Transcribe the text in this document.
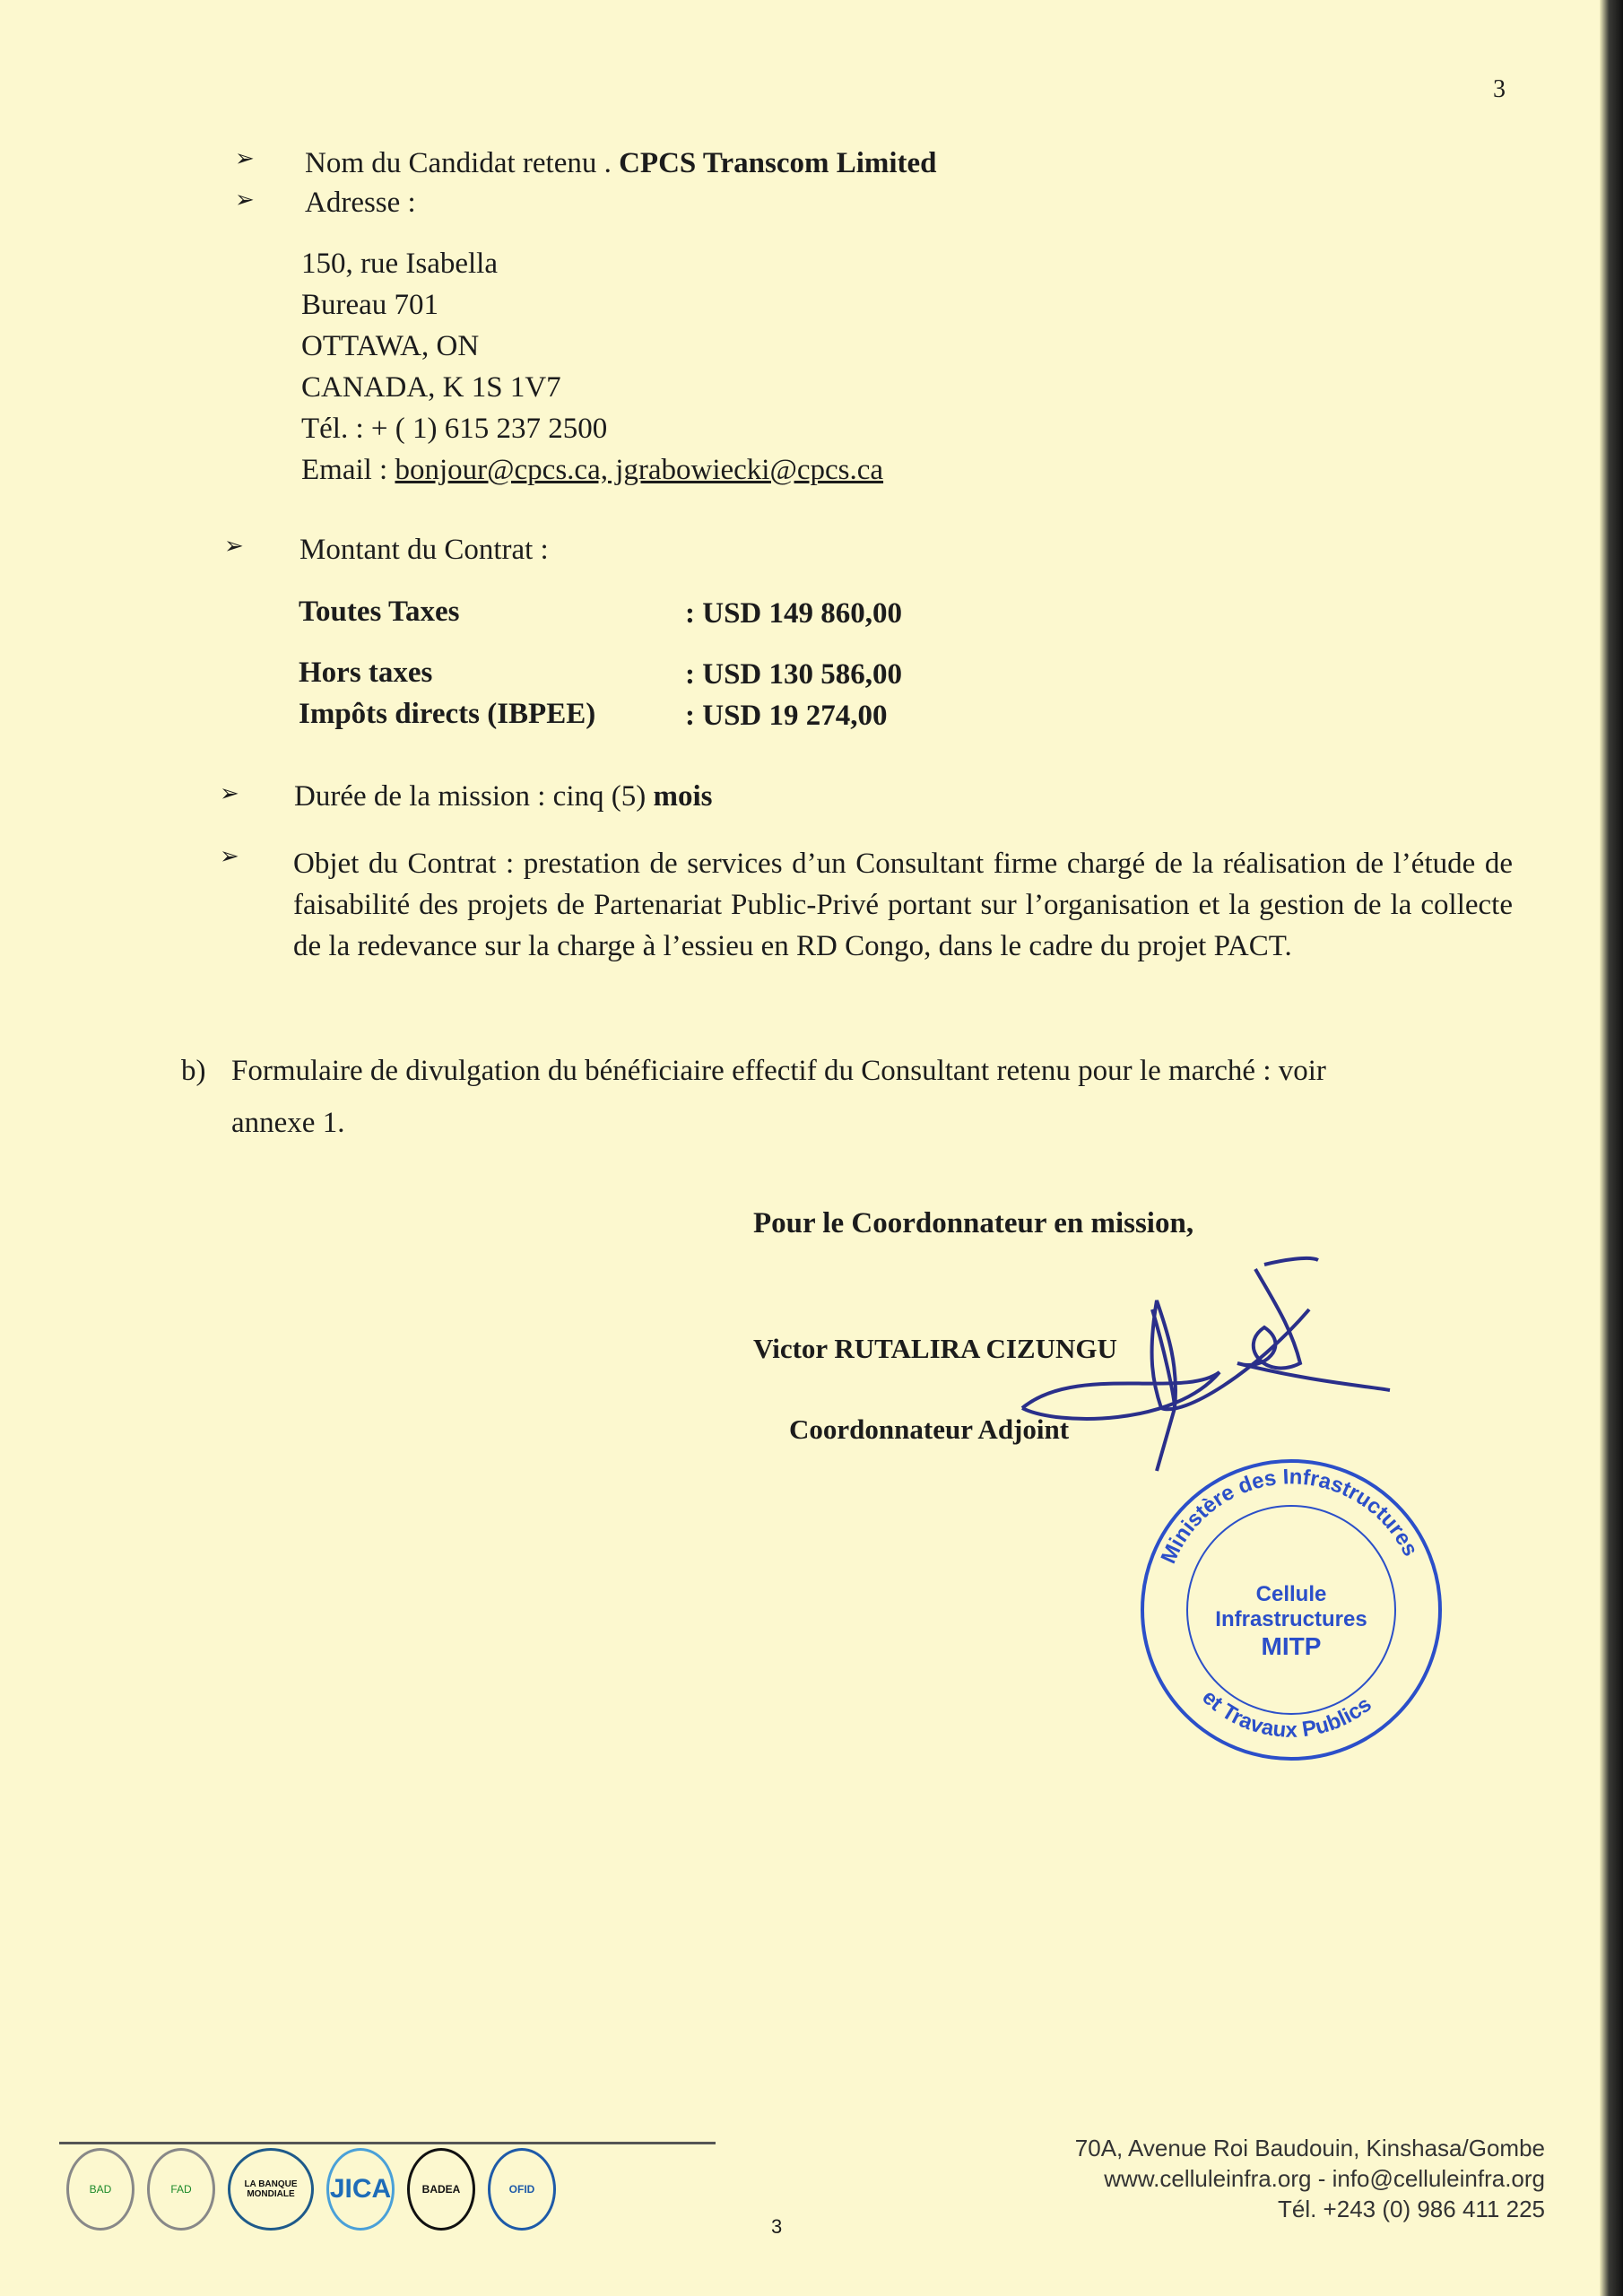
3
➢ Nom du Candidat retenu . CPCS Transcom Limited
➢ Adresse :
150, rue Isabella
Bureau 701
OTTAWA, ON
CANADA, K 1S 1V7
Tél. : + ( 1) 615 237 2500
Email : bonjour@cpcs.ca, jgrabowiecki@cpcs.ca
➢ Montant du Contrat :
Toutes Taxes	: USD 149 860,00
Hors taxes	: USD 130 586,00
Impôts directs (IBPEE)	: USD 19 274,00
➢ Durée de la mission : cinq (5) mois
➢ Objet du Contrat : prestation de services d’un Consultant firme chargé de la réalisation de l’étude de faisabilité des projets de Partenariat Public-Privé portant sur l’organisation et la gestion de la collecte de la redevance sur la charge à l’essieu en RD Congo, dans le cadre du projet PACT.
b) Formulaire de divulgation du bénéficiaire effectif du Consultant retenu pour le marché : voir
annexe 1.
Pour le Coordonnateur en mission,
Victor RUTALIRA CIZUNGU
Coordonnateur Adjoint
Ministère des Infrastructures
et Travaux Publics
Cellule
Infrastructures
MITP
BAD	FAD	LA BANQUE MONDIALE	JICA	BADEA	OFID
3
70A, Avenue Roi Baudouin, Kinshasa/Gombe
www.celluleinfra.org - info@celluleinfra.org
Tél. +243 (0) 986 411 225
